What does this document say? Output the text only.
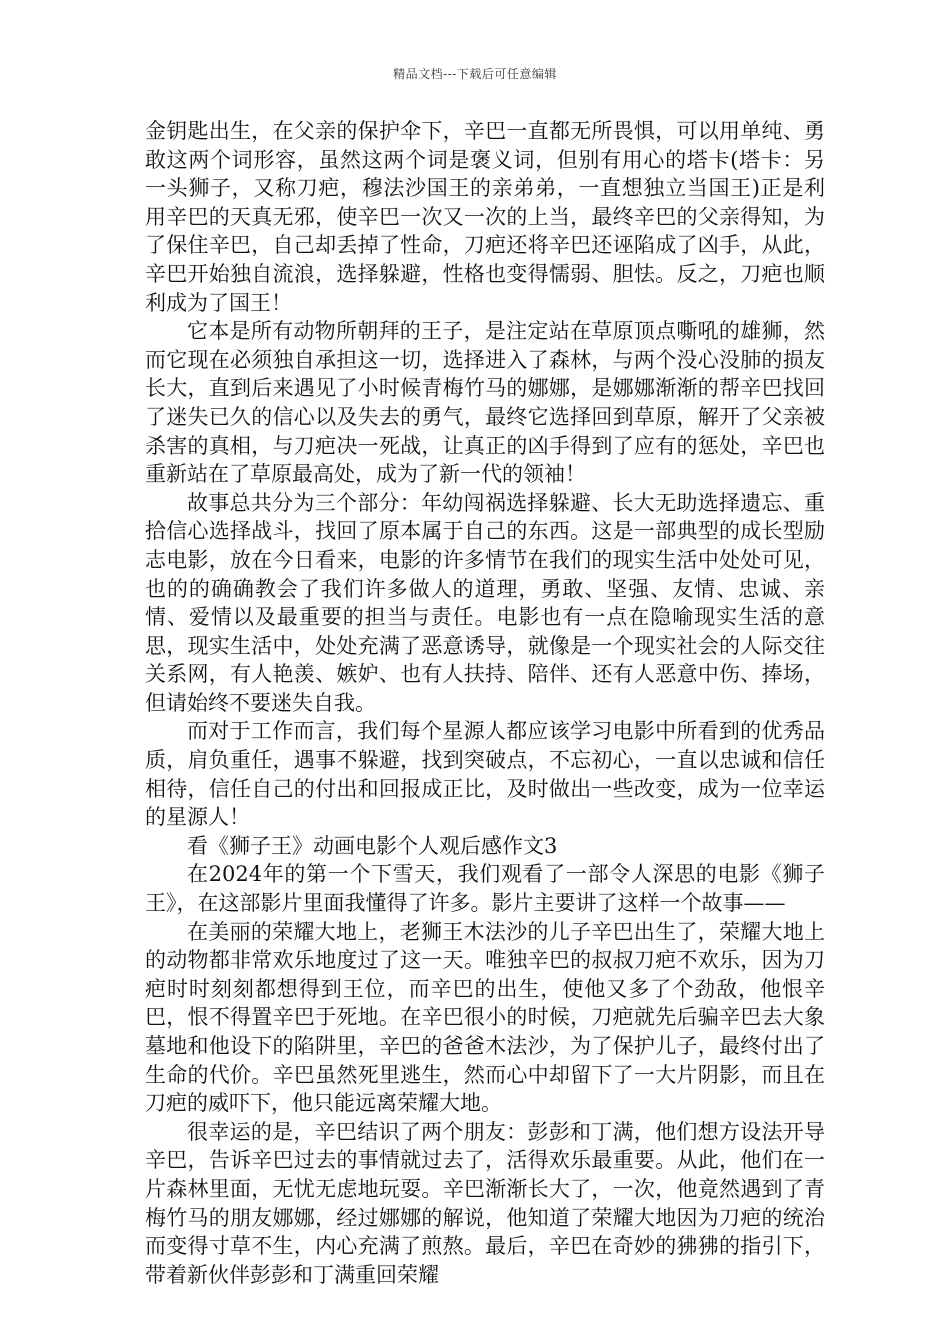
精品文档---下载后可任意编辑

金钥匙出生，在父亲的保护伞下，辛巴一直都无所畏惧，可以用单纯、勇敢这两个词形容，虽然这两个词是褒义词，但别有用心的塔卡(塔卡：另一头狮子，又称刀疤，穆法沙国王的亲弟弟，一直想独立当国王)正是利用辛巴的天真无邪，使辛巴一次又一次的上当，最终辛巴的父亲得知，为了保住辛巴，自己却丢掉了性命，刀疤还将辛巴还诬陷成了凶手，从此，辛巴开始独自流浪，选择躲避，性格也变得懦弱、胆怯。反之，刀疤也顺利成为了国王！

它本是所有动物所朝拜的王子，是注定站在草原顶点嘶吼的雄狮，然而它现在必须独自承担这一切，选择进入了森林，与两个没心没肺的损友长大，直到后来遇见了小时候青梅竹马的娜娜，是娜娜渐渐的帮辛巴找回了迷失已久的信心以及失去的勇气，最终它选择回到草原，解开了父亲被杀害的真相，与刀疤决一死战，让真正的凶手得到了应有的惩处，辛巴也重新站在了草原最高处，成为了新一代的领袖！

故事总共分为三个部分：年幼闯祸选择躲避、长大无助选择遗忘、重拾信心选择战斗，找回了原本属于自己的东西。这是一部典型的成长型励志电影，放在今日看来，电影的许多情节在我们的现实生活中处处可见，也的的确确教会了我们许多做人的道理，勇敢、坚强、友情、忠诚、亲情、爱情以及最重要的担当与责任。电影也有一点在隐喻现实生活的意思，现实生活中，处处充满了恶意诱导，就像是一个现实社会的人际交往关系网，有人艳羡、嫉妒、也有人扶持、陪伴、还有人恶意中伤、捧场，但请始终不要迷失自我。

而对于工作而言，我们每个星源人都应该学习电影中所看到的优秀品质，肩负重任，遇事不躲避，找到突破点，不忘初心，一直以忠诚和信任相待，信任自己的付出和回报成正比，及时做出一些改变，成为一位幸运的星源人！

看《狮子王》动画电影个人观后感作文3

在2024年的第一个下雪天，我们观看了一部令人深思的电影《狮子王》，在这部影片里面我懂得了许多。影片主要讲了这样一个故事——

在美丽的荣耀大地上，老狮王木法沙的儿子辛巴出生了，荣耀大地上的动物都非常欢乐地度过了这一天。唯独辛巴的叔叔刀疤不欢乐，因为刀疤时时刻刻都想得到王位，而辛巴的出生，使他又多了个劲敌，他恨辛巴，恨不得置辛巴于死地。在辛巴很小的时候，刀疤就先后骗辛巴去大象墓地和他设下的陷阱里，辛巴的爸爸木法沙，为了保护儿子，最终付出了生命的代价。辛巴虽然死里逃生，然而心中却留下了一大片阴影，而且在刀疤的威吓下，他只能远离荣耀大地。

很幸运的是，辛巴结识了两个朋友：彭彭和丁满，他们想方设法开导辛巴，告诉辛巴过去的事情就过去了，活得欢乐最重要。从此，他们在一片森林里面，无忧无虑地玩耍。辛巴渐渐长大了，一次，他竟然遇到了青梅竹马的朋友娜娜，经过娜娜的解说，他知道了荣耀大地因为刀疤的统治而变得寸草不生，内心充满了煎熬。最后，辛巴在奇妙的狒狒的指引下，带着新伙伴彭彭和丁满重回荣耀
